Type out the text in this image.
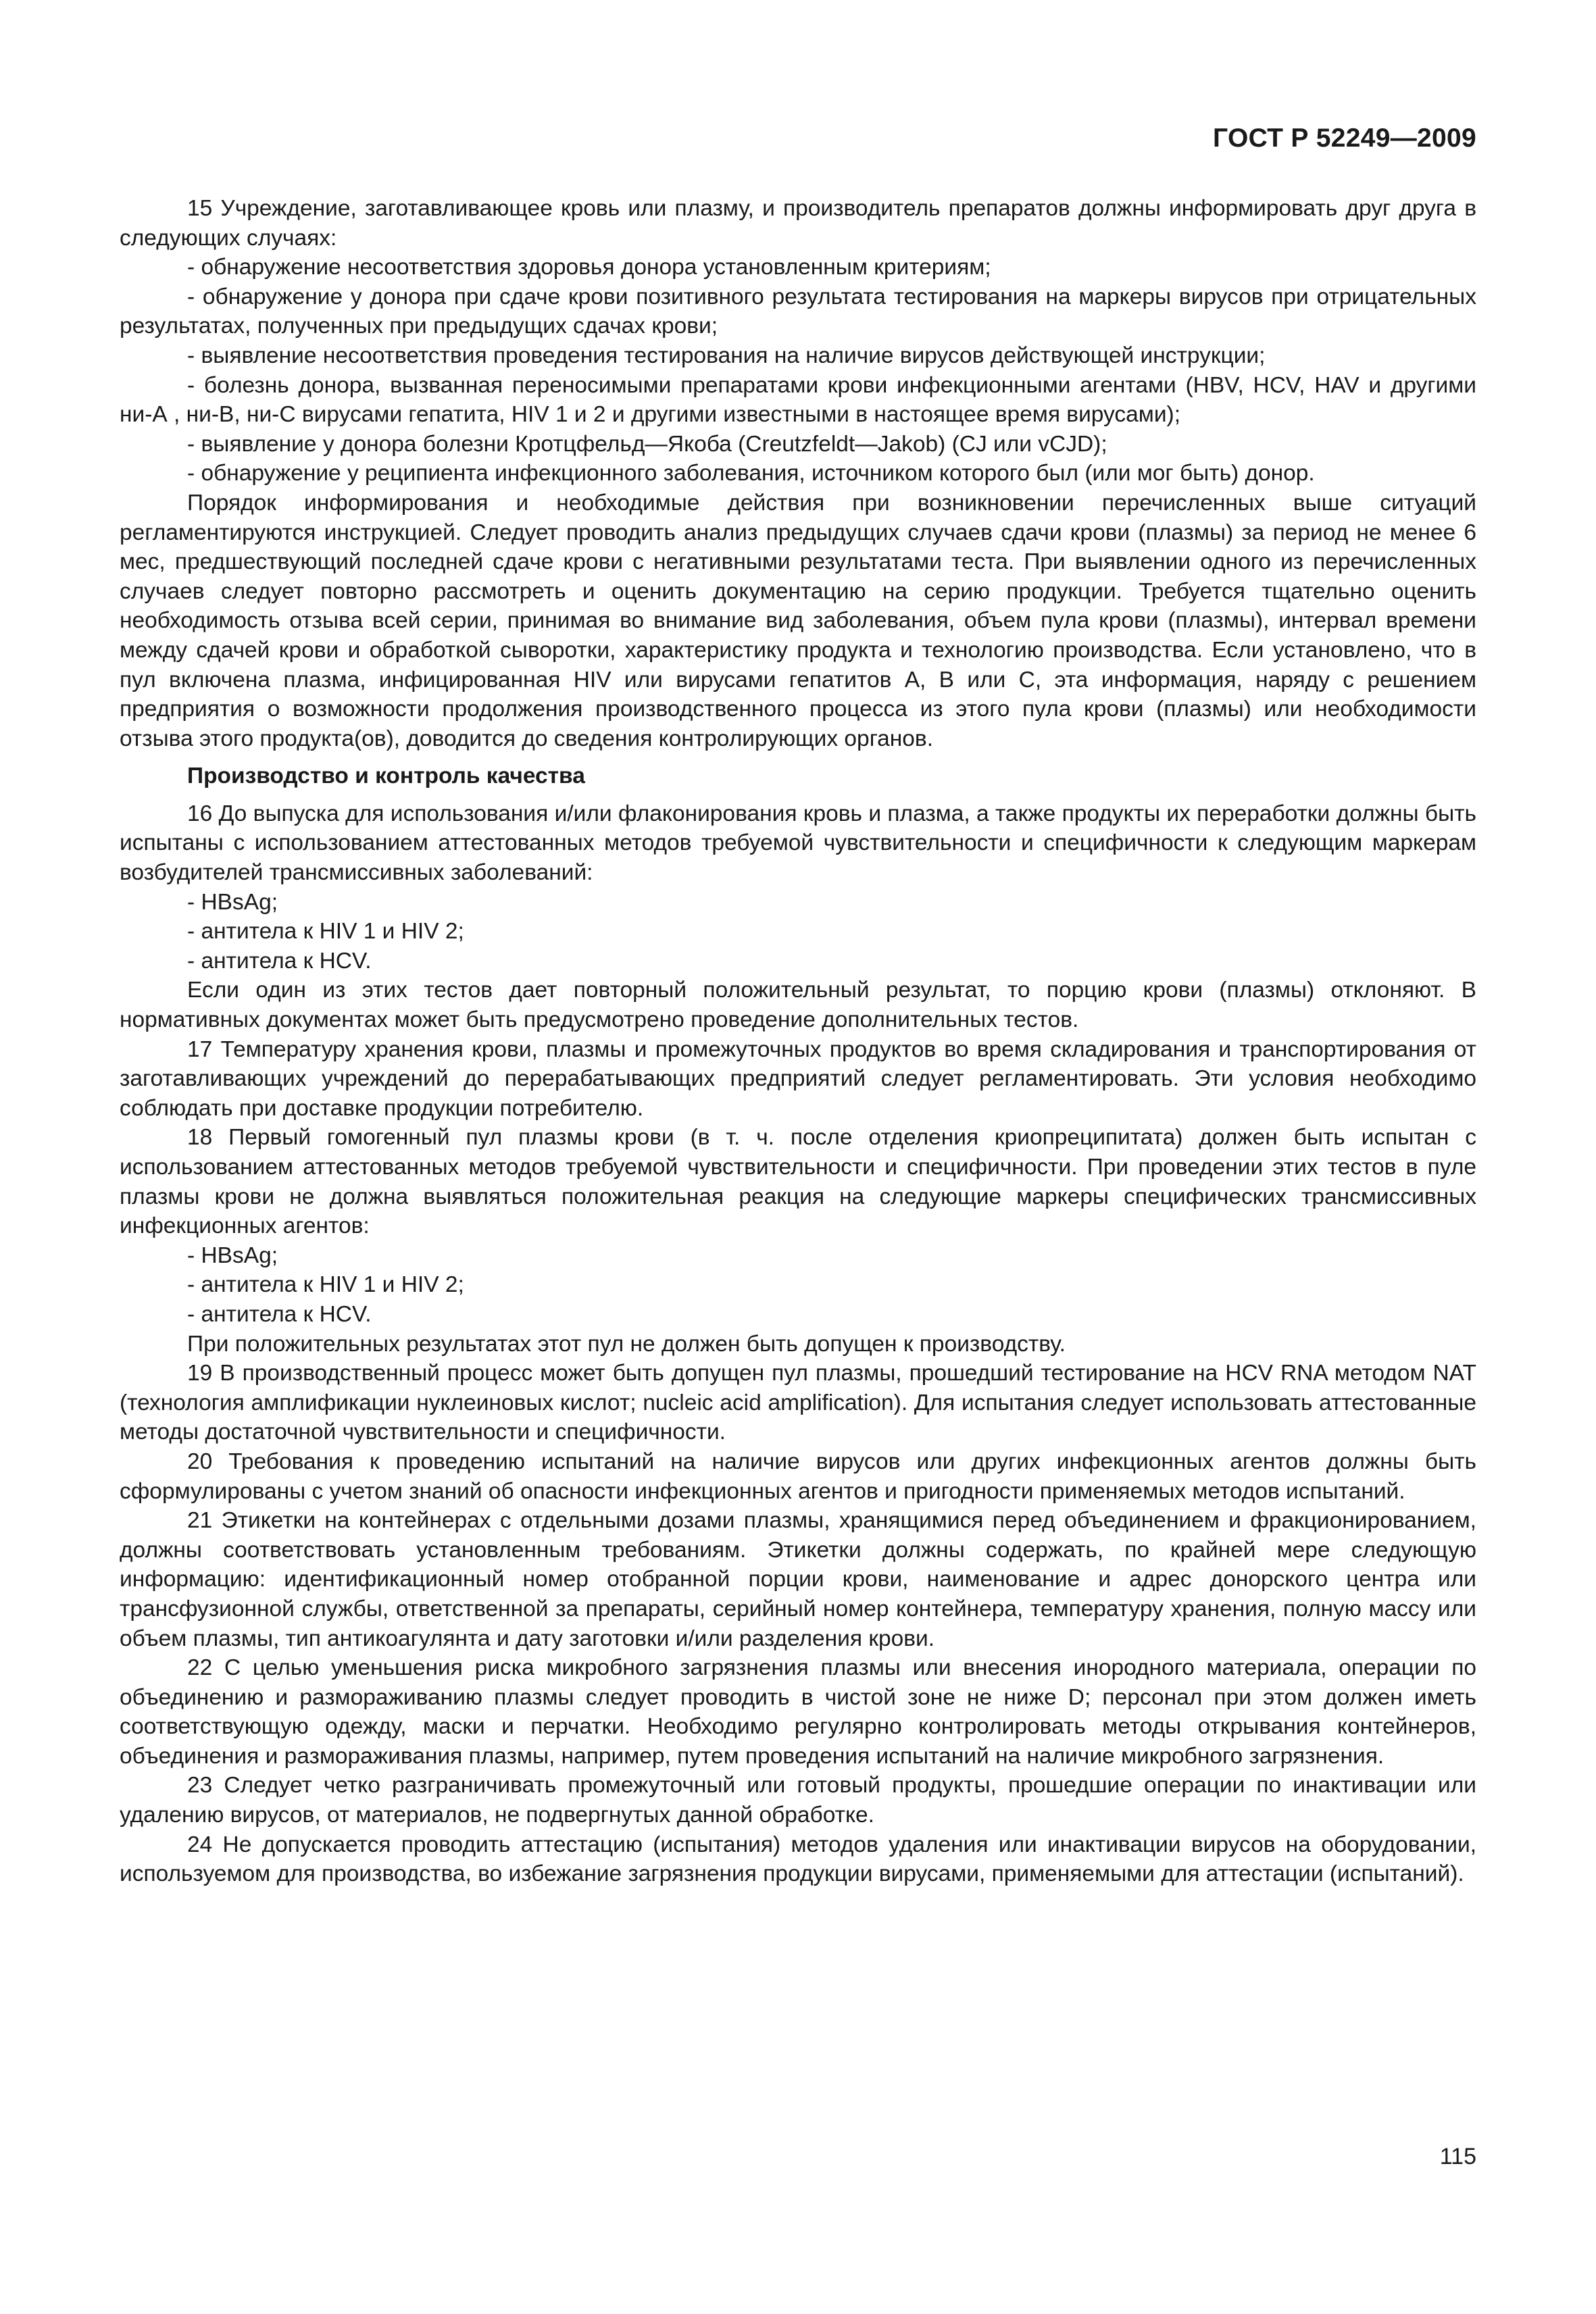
ГОСТ Р 52249—2009

15 Учреждение, заготавливающее кровь или плазму, и производитель препаратов должны информировать друг друга в следующих случаях:

- обнаружение несоответствия здоровья донора установленным критериям;

- обнаружение у донора при сдаче крови позитивного результата тестирования на маркеры вирусов при отрицательных результатах, полученных при предыдущих сдачах крови;

- выявление несоответствия проведения тестирования на наличие вирусов действующей инструкции;

- болезнь донора, вызванная переносимыми препаратами крови инфекционными агентами (HBV, HCV, HAV и другими ни-А , ни-В, ни-С вирусами гепатита, HIV 1 и 2 и другими известными в настоящее время вирусами);

- выявление у донора болезни Кротцфельд—Якоба (Creutzfeldt—Jakob) (CJ или vCJD);

- обнаружение у реципиента инфекционного заболевания, источником которого был (или мог быть) донор.

Порядок информирования и необходимые действия при возникновении перечисленных выше ситуаций регламентируются инструкцией. Следует проводить анализ предыдущих случаев сдачи крови (плазмы) за период не менее 6 мес, предшествующий последней сдаче крови с негативными результатами теста. При выявлении одного из перечисленных случаев следует повторно рассмотреть и оценить документацию на серию продукции. Требуется тщательно оценить необходимость отзыва всей серии, принимая во внимание вид заболевания, объем пула крови (плазмы), интервал времени между сдачей крови и обработкой сыворотки, характеристику продукта и технологию производства. Если установлено, что в пул включена плазма, инфицированная HIV или вирусами гепатитов А, В или С, эта информация, наряду с решением предприятия о возможности продолжения производственного процесса из этого пула крови (плазмы) или необходимости отзыва этого продукта(ов), доводится до сведения контролирующих органов.

Производство и контроль качества

16 До выпуска для использования и/или флаконирования кровь и плазма, а также продукты их переработки должны быть испытаны с использованием аттестованных методов требуемой чувствительности и специфичности к следующим маркерам возбудителей трансмиссивных заболеваний:

- HBsAg;

- антитела к HIV 1 и HIV 2;

- антитела к HCV.

Если один из этих тестов дает повторный положительный результат, то порцию крови (плазмы) отклоняют. В нормативных документах может быть предусмотрено проведение дополнительных тестов.

17 Температуру хранения крови, плазмы и промежуточных продуктов во время складирования и транспортирования от заготавливающих учреждений до перерабатывающих предприятий следует регламентировать. Эти условия необходимо соблюдать при доставке продукции потребителю.

18 Первый гомогенный пул плазмы крови (в т. ч. после отделения криопреципитата) должен быть испытан с использованием аттестованных методов требуемой чувствительности и специфичности. При проведении этих тестов в пуле плазмы крови не должна выявляться положительная реакция на следующие маркеры специфических трансмиссивных инфекционных агентов:

- HBsAg;

- антитела к HIV 1 и HIV 2;

- антитела к HCV.

При положительных результатах этот пул не должен быть допущен к производству.

19 В производственный процесс может быть допущен пул плазмы, прошедший тестирование на HCV RNA методом NAT (технология амплификации нуклеиновых кислот; nucleic acid amplification). Для испытания следует использовать аттестованные методы достаточной чувствительности и специфичности.

20 Требования к проведению испытаний на наличие вирусов или других инфекционных агентов должны быть сформулированы с учетом знаний об опасности инфекционных агентов и пригодности применяемых методов испытаний.

21 Этикетки на контейнерах с отдельными дозами плазмы, хранящимися перед объединением и фракционированием, должны соответствовать установленным требованиям. Этикетки должны содержать, по крайней мере следующую информацию: идентификационный номер отобранной порции крови, наименование и адрес донорского центра или трансфузионной службы, ответственной за препараты, серийный номер контейнера, температуру хранения, полную массу или объем плазмы, тип антикоагулянта и дату заготовки и/или разделения крови.

22 С целью уменьшения риска микробного загрязнения плазмы или внесения инородного материала, операции по объединению и размораживанию плазмы следует проводить в чистой зоне не ниже D; персонал при этом должен иметь соответствующую одежду, маски и перчатки. Необходимо регулярно контролировать методы открывания контейнеров, объединения и размораживания плазмы, например, путем проведения испытаний на наличие микробного загрязнения.

23 Следует четко разграничивать промежуточный или готовый продукты, прошедшие операции по инактивации или удалению вирусов, от материалов, не подвергнутых данной обработке.

24 Не допускается проводить аттестацию (испытания) методов удаления или инактивации вирусов на оборудовании, используемом для производства, во избежание загрязнения продукции вирусами, применяемыми для аттестации (испытаний).

115
